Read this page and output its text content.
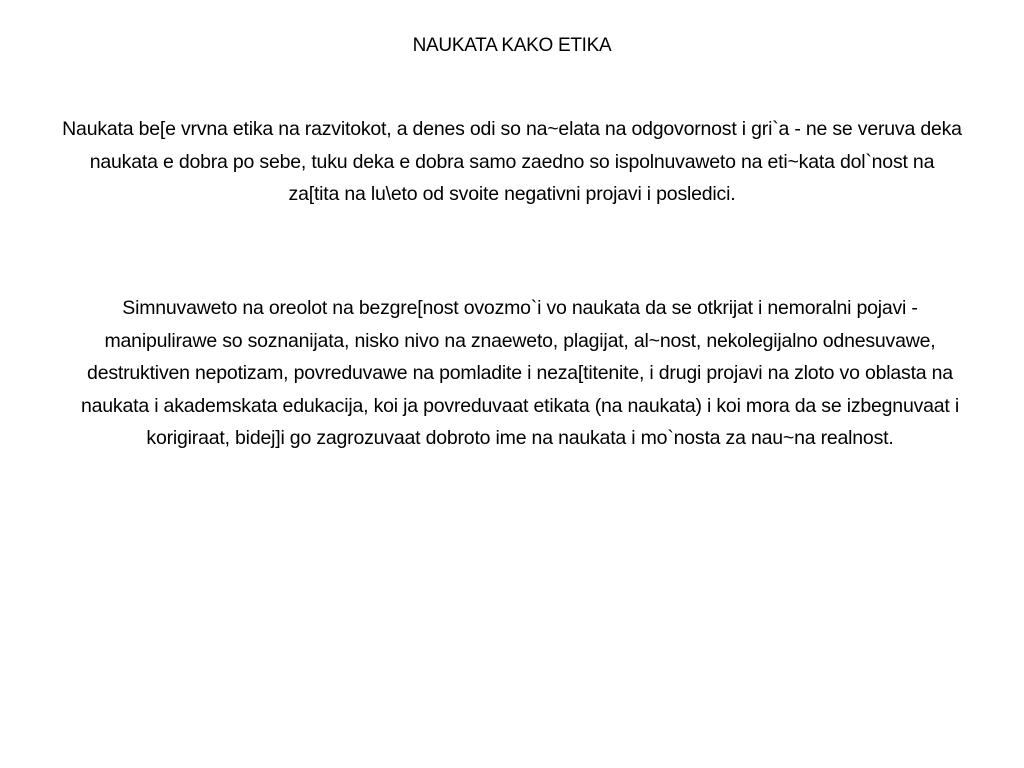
NAUKATA KAKO ETIKA

Naukata be[e vrvna etika na razvitokot, a denes odi so na~elata na odgovornost i gri`a - ne se veruva deka naukata e dobra po sebe, tuku deka e dobra samo zaedno so ispolnuvaweto na eti~kata dol`nost na za[tita na lu\eto od svoite negativni projavi i posledici.

Simnuvaweto na oreolot na bezgre[nost ovozmo`i vo naukata da se otkrijat i nemoralni pojavi - manipulirawe so soznanijata, nisko nivo na znaeweto, plagijat, al~nost, nekolegijalno odnesuvawe, destruktiven nepotizam, povreduvawe na pomladite i neza[titenite, i drugi projavi na zloto vo oblasta na naukata i akademskata edukacija, koi ja povreduvaat etikata (na naukata) i koi mora da se izbegnuvaat i korigiraat, bidej]i go zagrozuvaat dobroto ime na naukata i mo`nosta za nau~na realnost.
